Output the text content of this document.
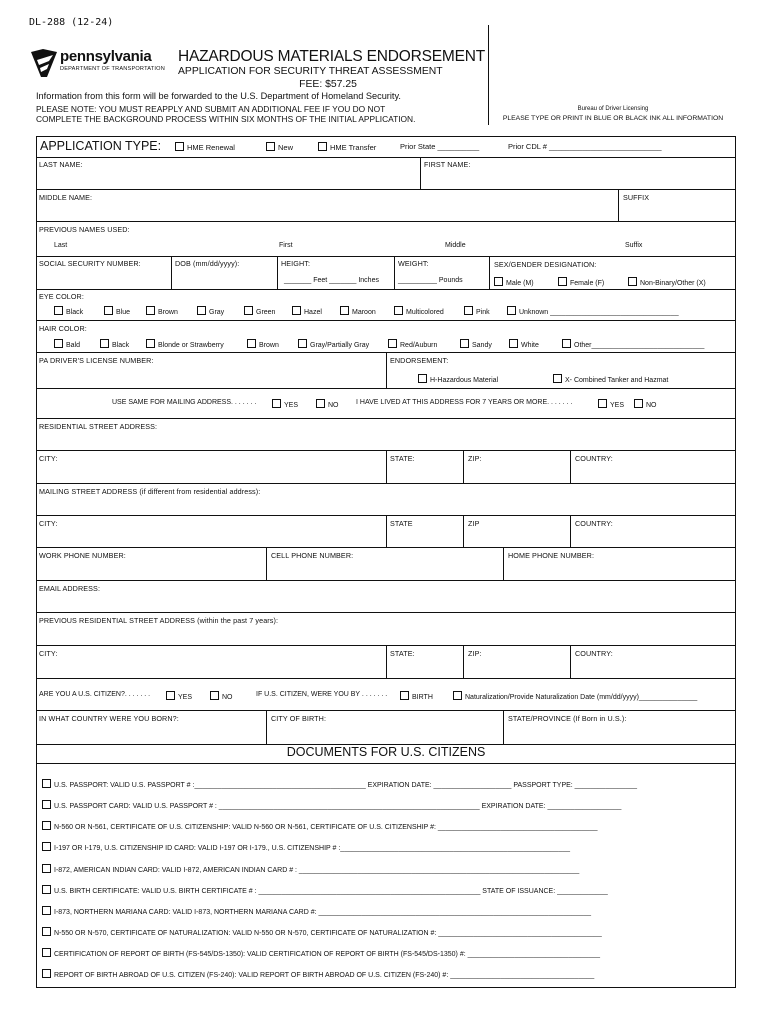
DL-288 (12-24)
pennsylvania
DEPARTMENT OF TRANSPORTATION
HAZARDOUS MATERIALS ENDORSEMENT
APPLICATION FOR SECURITY THREAT ASSESSMENT
FEE: $57.25
Information from this form will be forwarded to the U.S. Department of Homeland Security.
PLEASE NOTE: YOU MUST REAPPLY AND SUBMIT AN ADDITIONAL FEE IF YOU DO NOT
COMPLETE THE BACKGROUND PROCESS WITHIN SIX MONTHS OF THE INITIAL APPLICATION.
Bureau of Driver Licensing
PLEASE TYPE OR PRINT IN BLUE OR BLACK INK ALL INFORMATION
APPLICATION TYPE:	HME Renewal	New	HME Transfer	Prior State __________	Prior CDL # ___________________________
LAST NAME:	FIRST NAME:
MIDDLE NAME:	SUFFIX
PREVIOUS NAMES USED:
Last	First	Middle	Suffix
SOCIAL SECURITY NUMBER:	DOB (mm/dd/yyyy):	HEIGHT:
_______ Feet _______ Inches
WEIGHT:
__________ Pounds
SEX/GENDER DESIGNATION:
Male (M)	Female (F)	Non-Binary/Other (X)
EYE COLOR:
Black	Blue	Brown	Gray	Green	Hazel	Maroon	Multicolored	Pink	Unknown _________________________________
HAIR COLOR:
Bald	Black	Blonde or Strawberry	Brown	Gray/Partially Gray	Red/Auburn	Sandy	White	Other_____________________________
PA DRIVER'S LICENSE NUMBER:	ENDORSEMENT:
H-Hazardous Material	X- Combined Tanker and Hazmat
USE SAME FOR MAILING ADDRESS. . . . . . .	YES	NO	I HAVE LIVED AT THIS ADDRESS FOR 7 YEARS OR MORE. . . . . . .	YES	NO
RESIDENTIAL STREET ADDRESS:
CITY:	STATE:	ZIP:	COUNTRY:
MAILING STREET ADDRESS (if different from residential address):
CITY:	STATE	ZIP	COUNTRY:
WORK PHONE NUMBER:	CELL PHONE NUMBER:	HOME PHONE NUMBER:
EMAIL ADDRESS:
PREVIOUS RESIDENTIAL STREET ADDRESS (within the past 7 years):
CITY:	STATE:	ZIP:	COUNTRY:
ARE YOU A U.S. CITIZEN?. . . . . . .	YES	NO	IF U.S. CITIZEN, WERE YOU BY . . . . . . .	BIRTH	Naturalization/Provide Naturalization Date (mm/dd/yyyy)_______________
IN WHAT COUNTRY WERE YOU BORN?:	CITY OF BIRTH:	STATE/PROVINCE (If Born in U.S.):
DOCUMENTS FOR U.S. CITIZENS
U.S. PASSPORT: VALID U.S. PASSPORT # :____________________________________________ EXPIRATION DATE: ____________________ PASSPORT TYPE: ________________
U.S. PASSPORT CARD: VALID U.S. PASSPORT # : ___________________________________________________________________ EXPIRATION DATE: ___________________
N-560 OR N-561, CERTIFICATE OF U.S. CITIZENSHIP: VALID N-560 OR N-561, CERTIFICATE OF U.S. CITIZENSHIP #: _________________________________________
I-197 OR I-179, U.S. CITIZENSHIP ID CARD: VALID I-197 OR I-179., U.S. CITIZENSHIP # :___________________________________________________________
I-872, AMERICAN INDIAN CARD: VALID I-872, AMERICAN INDIAN CARD # : ________________________________________________________________________
U.S. BIRTH CERTIFICATE: VALID U.S. BIRTH CERTIFICATE # : _________________________________________________________ STATE OF ISSUANCE: _____________
I-873, NORTHERN MARIANA CARD: VALID I-873, NORTHERN MARIANA CARD #: ______________________________________________________________________
N-550 OR N-570, CERTIFICATE OF NATURALIZATION: VALID N-550 OR N-570, CERTIFICATE OF NATURALIZATION #: __________________________________________
CERTIFICATION OF REPORT OF BIRTH (FS-545/DS-1350): VALID CERTIFICATION OF REPORT OF BIRTH (FS-545/DS-1350) #: __________________________________
REPORT OF BIRTH ABROAD OF U.S. CITIZEN (FS-240): VALID REPORT OF BIRTH ABROAD OF U.S. CITIZEN (FS-240) #: _____________________________________
